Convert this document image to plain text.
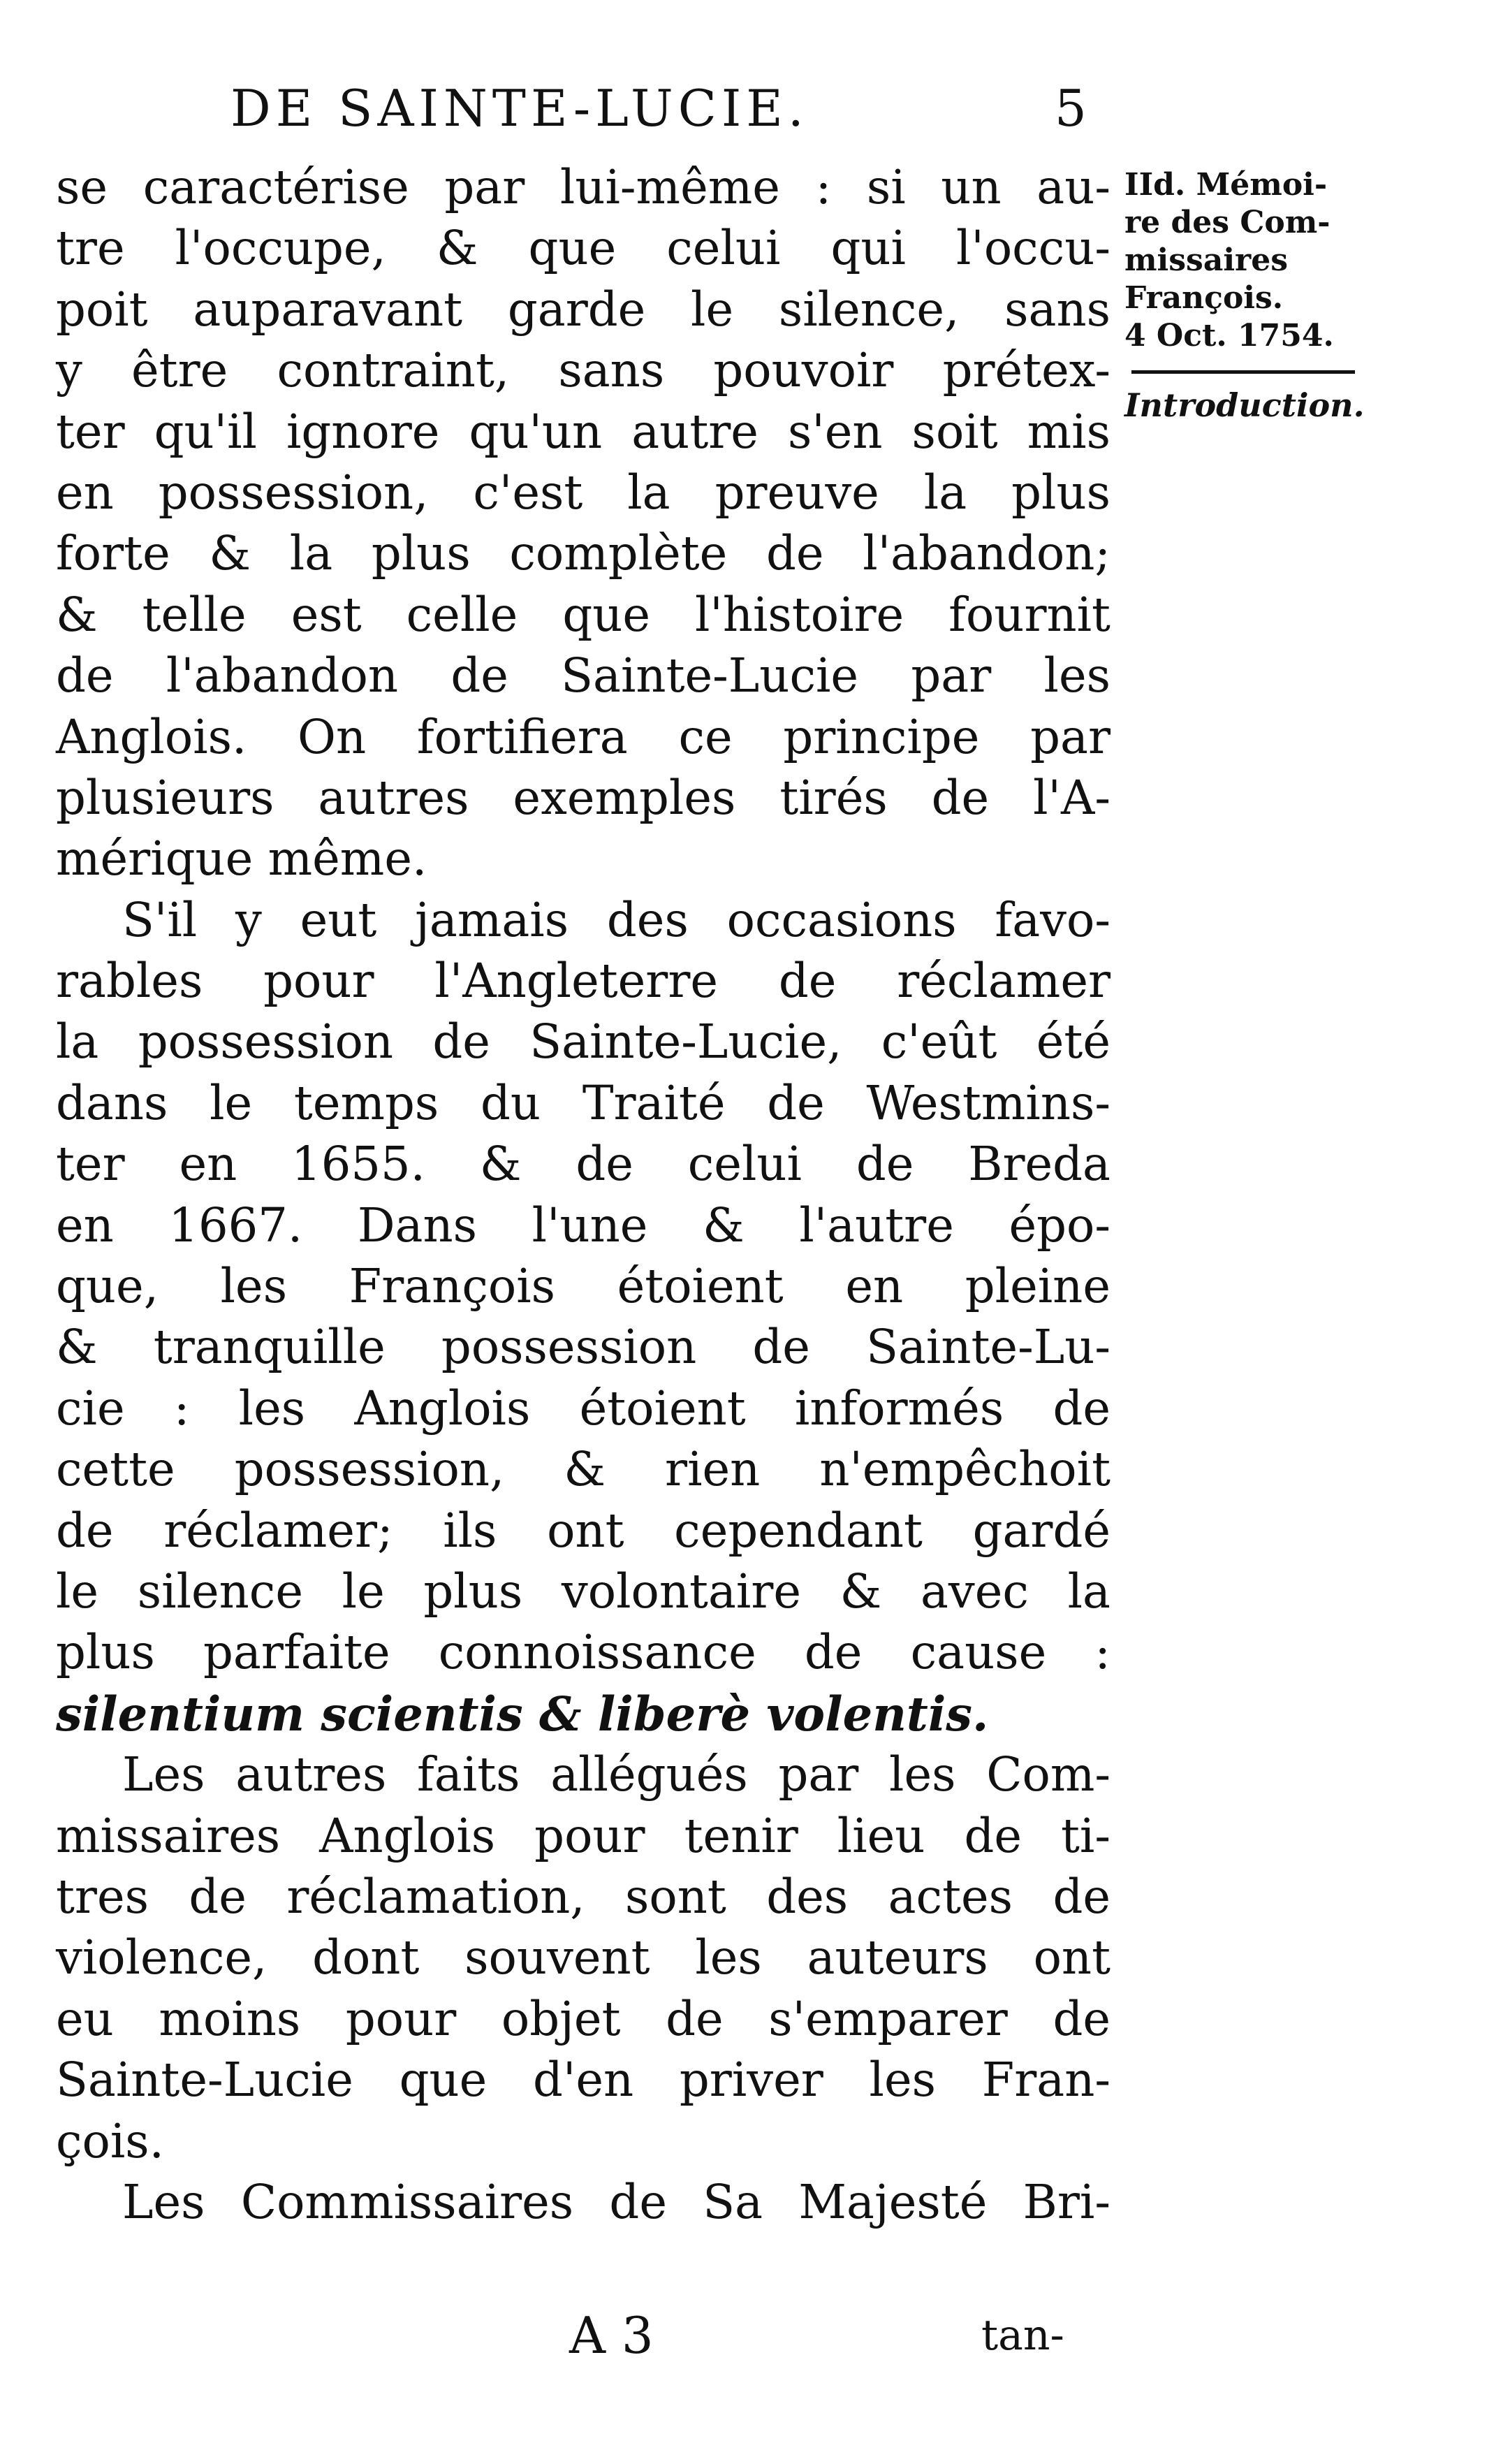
DE SAINTE-LUCIE.	5
se caractérise par lui-même : si un au-
tre l'occupe, & que celui qui l'occu-
poit auparavant garde le silence, sans
y être contraint, sans pouvoir prétex-
ter qu'il ignore qu'un autre s'en soit mis
en possession, c'est la preuve la plus
forte & la plus complète de l'abandon;
& telle est celle que l'histoire fournit
de l'abandon de Sainte-Lucie par les
Anglois. On fortifiera ce principe par
plusieurs autres exemples tirés de l'A-
mérique même.
S'il y eut jamais des occasions favo-
rables pour l'Angleterre de réclamer
la possession de Sainte-Lucie, c'eût été
dans le temps du Traité de Westmins-
ter en 1655. & de celui de Breda
en 1667. Dans l'une & l'autre épo-
que, les François étoient en pleine
& tranquille possession de Sainte-Lu-
cie : les Anglois étoient informés de
cette possession, & rien n'empêchoit
de réclamer; ils ont cependant gardé
le silence le plus volontaire & avec la
plus parfaite connoissance de cause :
silentium scientis & liberè volentis.
Les autres faits allégués par les Com-
missaires Anglois pour tenir lieu de ti-
tres de réclamation, sont des actes de
violence, dont souvent les auteurs ont
eu moins pour objet de s'emparer de
Sainte-Lucie que d'en priver les Fran-
çois.
Les Commissaires de Sa Majesté Bri-
IId. Mémoi-
re des Com-
missaires
François.
4 Oct. 1754.
Introduction.
A 3	tan-
